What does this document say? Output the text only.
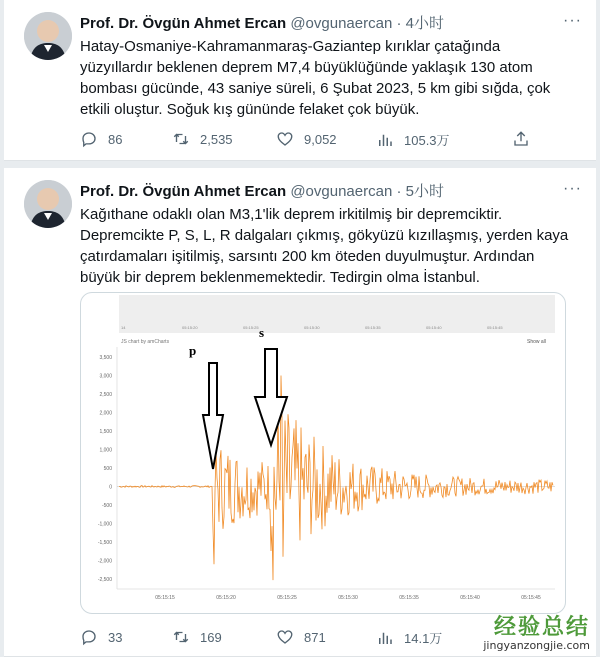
Prof. Dr. Övgün Ahmet Ercan @ovgunaercan · 4小时	···
Hatay-Osmaniye-Kahramanmaraş-Gaziantep kırıklar çatağında yüzyıllardır beklenen deprem M7,4 büyüklüğünde yaklaşık 130 atom bombası gücünde, 43 saniye süreli, 6 Şubat 2023, 5 km gibi sığda, çok etkili oluştur. Soğuk kış gününde felaket çok büyük.
86	2,535	9,052	105.3万
Prof. Dr. Övgün Ahmet Ercan @ovgunaercan · 5小时	···
Kağıthane odaklı olan M3,1'lik deprem irkitilmiş bir depremciktir. Depremcikte P, S, L, R dalgaları çıkmış, gökyüzü kızıllaşmış, yerden kaya çatırdamaları işitilmiş, sarsıntı 200 km öteden duyulmuştur. Ardından büyük bir deprem beklenmemektedir. Tedirgin olma İstanbul.
14	05:15:20	05:15:25	05:15:30	05:15:35	05:15:40	05:15:45
JS chart by amCharts	Show all
3,500
3,000
2,500
2,000
1,500
1,000
500
0
-500
-1,000
-1,500
-2,000
-2,500
05:15:15	05:15:20	05:15:25	05:15:30	05:15:35	05:15:40	05:15:45
p
s
33	169	871	14.1万	经验总结
jingyanzongjie.com
